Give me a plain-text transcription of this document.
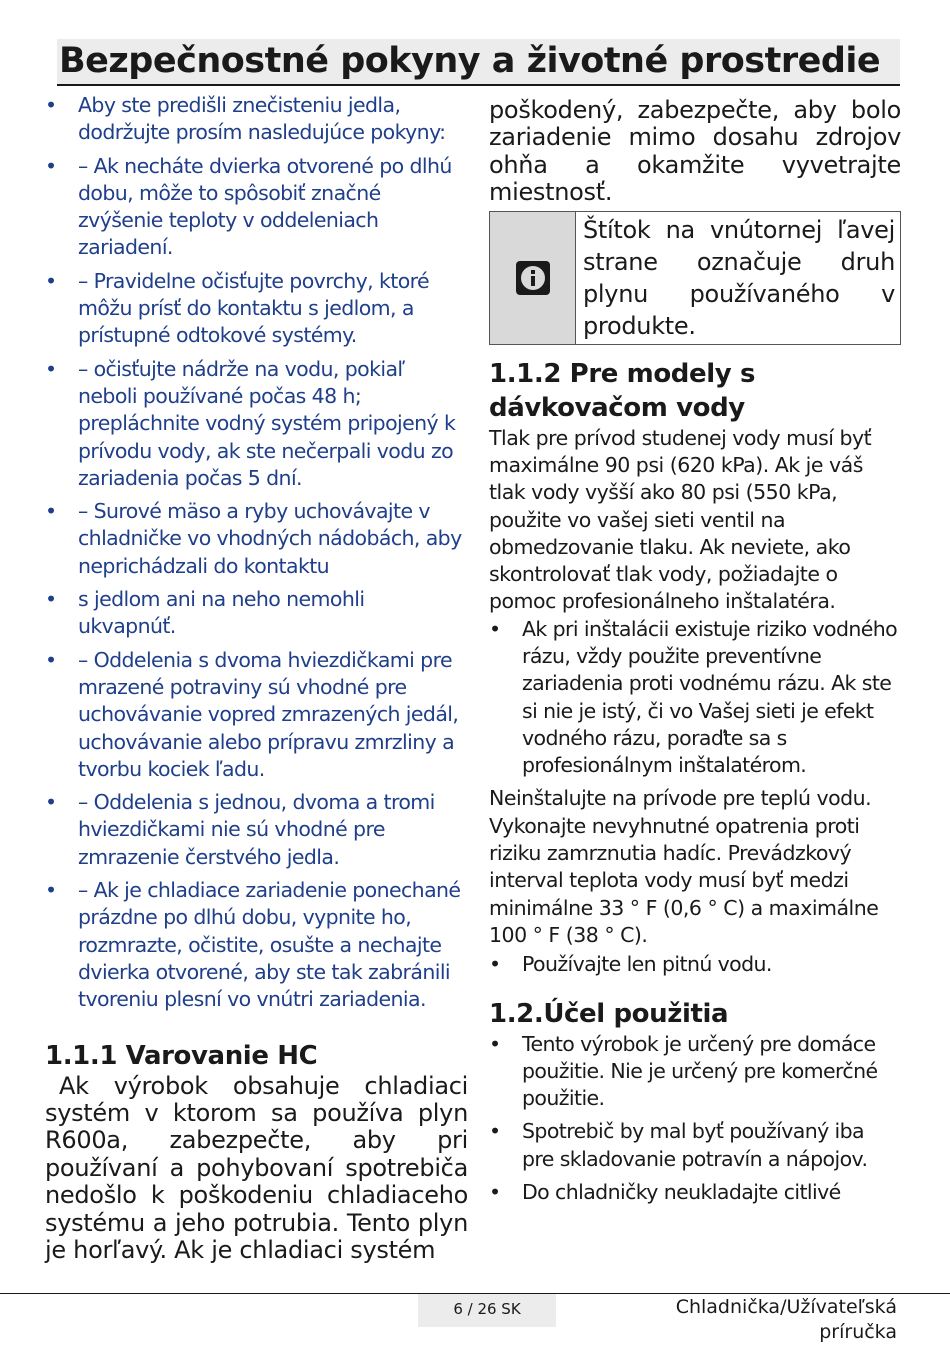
Bezpečnostné pokyny a životné prostredie
• Aby ste predišli znečisteniu jedla, dodržujte prosím nasledujúce pokyny:
• – Ak necháte dvierka otvorené po dlhú dobu, môže to spôsobiť značné zvýšenie teploty v oddeleniach zariadení.
• – Pravidelne očisťujte povrchy, ktoré môžu prísť do kontaktu s jedlom, a prístupné odtokové systémy.
• – očisťujte nádrže na vodu, pokiaľ neboli používané počas 48 h; prepláchnite vodný systém pripojený k prívodu vody, ak ste nečerpali vodu zo zariadenia počas 5 dní.
• – Surové mäso a ryby uchovávajte v chladničke vo vhodných nádobách, aby neprichádzali do kontaktu
• s jedlom ani na neho nemohli ukvapnúť.
• – Oddelenia s dvoma hviezdičkami pre mrazené potraviny sú vhodné pre uchovávanie vopred zmrazených jedál, uchovávanie alebo prípravu zmrzliny a tvorbu kociek ľadu.
• – Oddelenia s jednou, dvoma a tromi hviezdičkami nie sú vhodné pre zmrazenie čerstvého jedla.
• – Ak je chladiace zariadenie ponechané prázdne po dlhú dobu, vypnite ho, rozmrazte, očistite, osušte a nechajte dvierka otvorené, aby ste tak zabránili tvoreniu plesní vo vnútri zariadenia.
1.1.1 Varovanie HC
Ak výrobok obsahuje chladiaci systém v ktorom sa používa plyn R600a, zabezpečte, aby pri používaní a pohybovaní spotrebiča nedošlo k poškodeniu chladiaceho systému a jeho potrubia. Tento plyn je horľavý. Ak je chladiaci systém
poškodený, zabezpečte, aby bolo zariadenie mimo dosahu zdrojov ohňa a okamžite vyvetrajte miestnosť.
Štítok na vnútornej ľavej strane označuje druh plynu používaného v produkte.
1.1.2 Pre modely s dávkovačom vody
Tlak pre prívod studenej vody musí byť maximálne 90 psi (620 kPa). Ak je váš tlak vody vyšší ako 80 psi (550 kPa, použite vo vašej sieti ventil na obmedzovanie tlaku. Ak neviete, ako skontrolovať tlak vody, požiadajte o pomoc profesionálneho inštalatéra.
• Ak pri inštalácii existuje riziko vodného rázu, vždy použite preventívne zariadenia proti vodnému rázu. Ak ste si nie je istý, či vo Vašej sieti je efekt vodného rázu, poraďte sa s profesionálnym inštalatérom.
Neinštalujte na prívode pre teplú vodu. Vykonajte nevyhnutné opatrenia proti riziku zamrznutia hadíc. Prevádzkový interval teplota vody musí byť medzi minimálne 33 ° F (0,6 ° C) a maximálne 100 ° F (38 ° C).
• Používajte len pitnú vodu.
1.2.Účel použitia
• Tento výrobok je určený pre domáce použitie. Nie je určený pre komerčné použitie.
• Spotrebič by mal byť používaný iba pre skladovanie potravín a nápojov.
• Do chladničky neukladajte citlivé
6 / 26 SK	Chladnička/Užívateľská
príručka
